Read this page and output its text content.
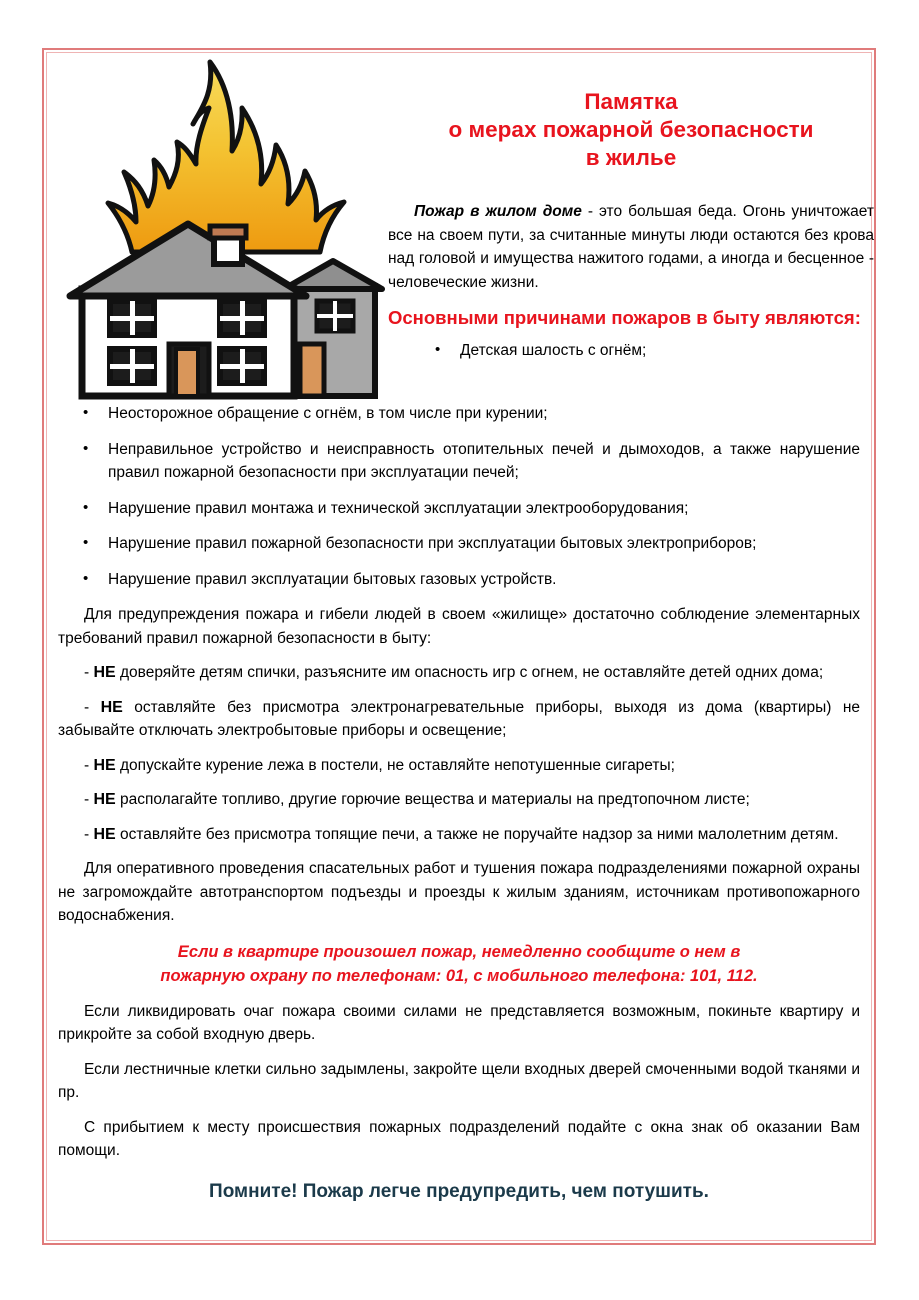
Памятка
о мерах пожарной безопасности
в жилье

Пожар в жилом доме - это большая беда. Огонь уничтожает все на своем пути, за считанные минуты люди остаются без крова над головой и имущества нажитого годами, а иногда и бесценное - человеческие жизни.

Основными причинами пожаров в быту являются:

• Детская шалость с огнём;
• Неосторожное обращение с огнём, в том числе при курении;
• Неправильное устройство и неисправность отопительных печей и дымоходов, а также нарушение правил пожарной безопасности при эксплуатации печей;
• Нарушение правил монтажа и технической эксплуатации электрооборудования;
• Нарушение правил пожарной безопасности при эксплуатации бытовых электроприборов;
• Нарушение правил эксплуатации бытовых газовых устройств.

Для предупреждения пожара и гибели людей в своем «жилище» достаточно соблюдение элементарных требований правил пожарной безопасности в быту:

- НЕ доверяйте детям спички, разъясните им опасность игр с огнем, не оставляйте детей одних дома;

- НЕ оставляйте без присмотра электронагревательные приборы, выходя из дома (квартиры) не забывайте отключать электробытовые приборы и освещение;

- НЕ допускайте курение лежа в постели, не оставляйте непотушенные сигареты;

- НЕ располагайте топливо, другие горючие вещества и материалы на предтопочном листе;

- НЕ оставляйте без присмотра топящие печи, а также не поручайте надзор за ними малолетним детям.

Для оперативного проведения спасательных работ и тушения пожара подразделениями пожарной охраны не загромождайте автотранспортом подъезды и проезды к жилым зданиям, источникам противопожарного водоснабжения.

Если в квартире произошел пожар, немедленно сообщите о нем в
пожарную охрану по телефонам: 01, с мобильного телефона: 101, 112.

Если ликвидировать очаг пожара своими силами не представляется возможным, покиньте квартиру и прикройте за собой входную дверь.

Если лестничные клетки сильно задымлены, закройте щели входных дверей смоченными водой тканями и пр.

С прибытием к месту происшествия пожарных подразделений подайте с окна знак об оказании Вам помощи.

Помните! Пожар легче предупредить, чем потушить.
